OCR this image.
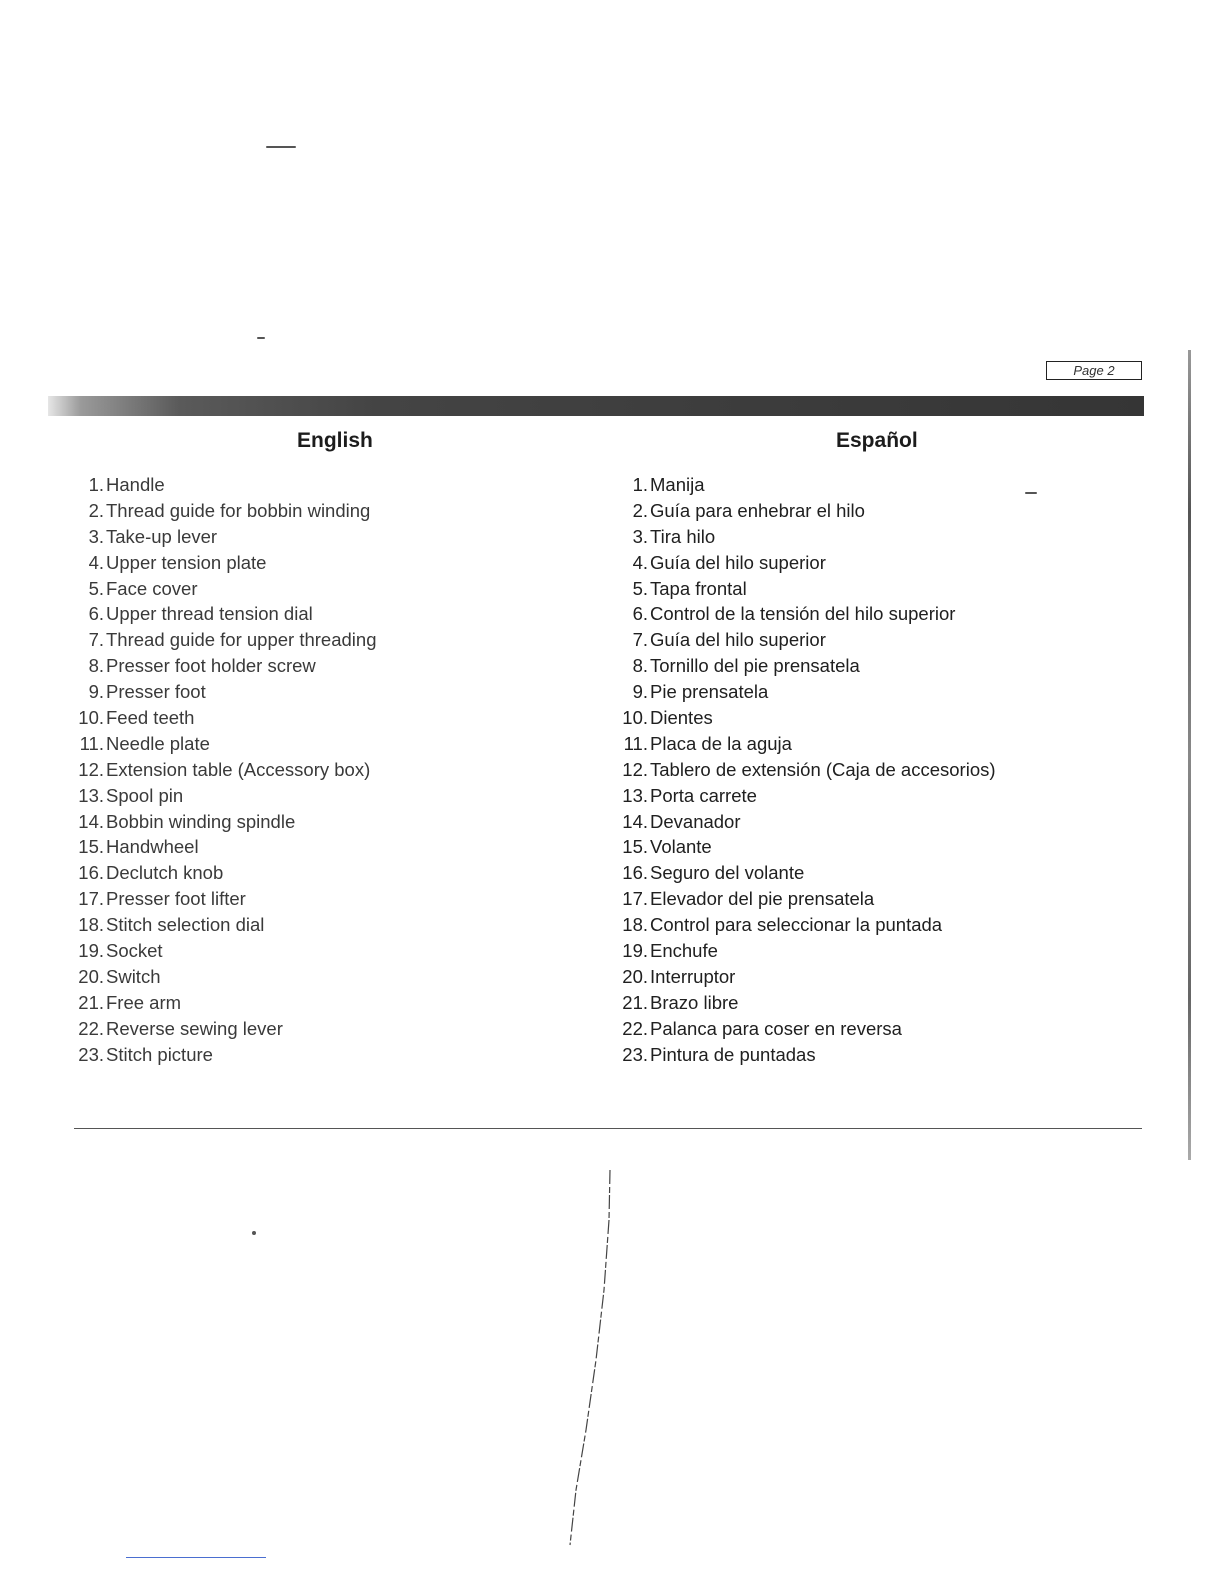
Page 2
English	Español
1. Handle
2. Thread guide for bobbin winding
3. Take-up lever
4. Upper tension plate
5. Face cover
6. Upper thread tension dial
7. Thread guide for upper threading
8. Presser foot holder screw
9. Presser foot
10. Feed teeth
11. Needle plate
12. Extension table (Accessory box)
13. Spool pin
14. Bobbin winding spindle
15. Handwheel
16. Declutch knob
17. Presser foot lifter
18. Stitch selection dial
19. Socket
20. Switch
21. Free arm
22. Reverse sewing lever
23. Stitch picture
1. Manija
2. Guía para enhebrar el hilo
3. Tira hilo
4. Guía del hilo superior
5. Tapa frontal
6. Control de la tensión del hilo superior
7. Guía del hilo superior
8. Tornillo del pie prensatela
9. Pie prensatela
10. Dientes
11. Placa de la aguja
12. Tablero de extensión (Caja de accesorios)
13. Porta carrete
14. Devanador
15. Volante
16. Seguro del volante
17. Elevador del pie prensatela
18. Control para seleccionar la puntada
19. Enchufe
20. Interruptor
21. Brazo libre
22. Palanca para coser en reversa
23. Pintura de puntadas
